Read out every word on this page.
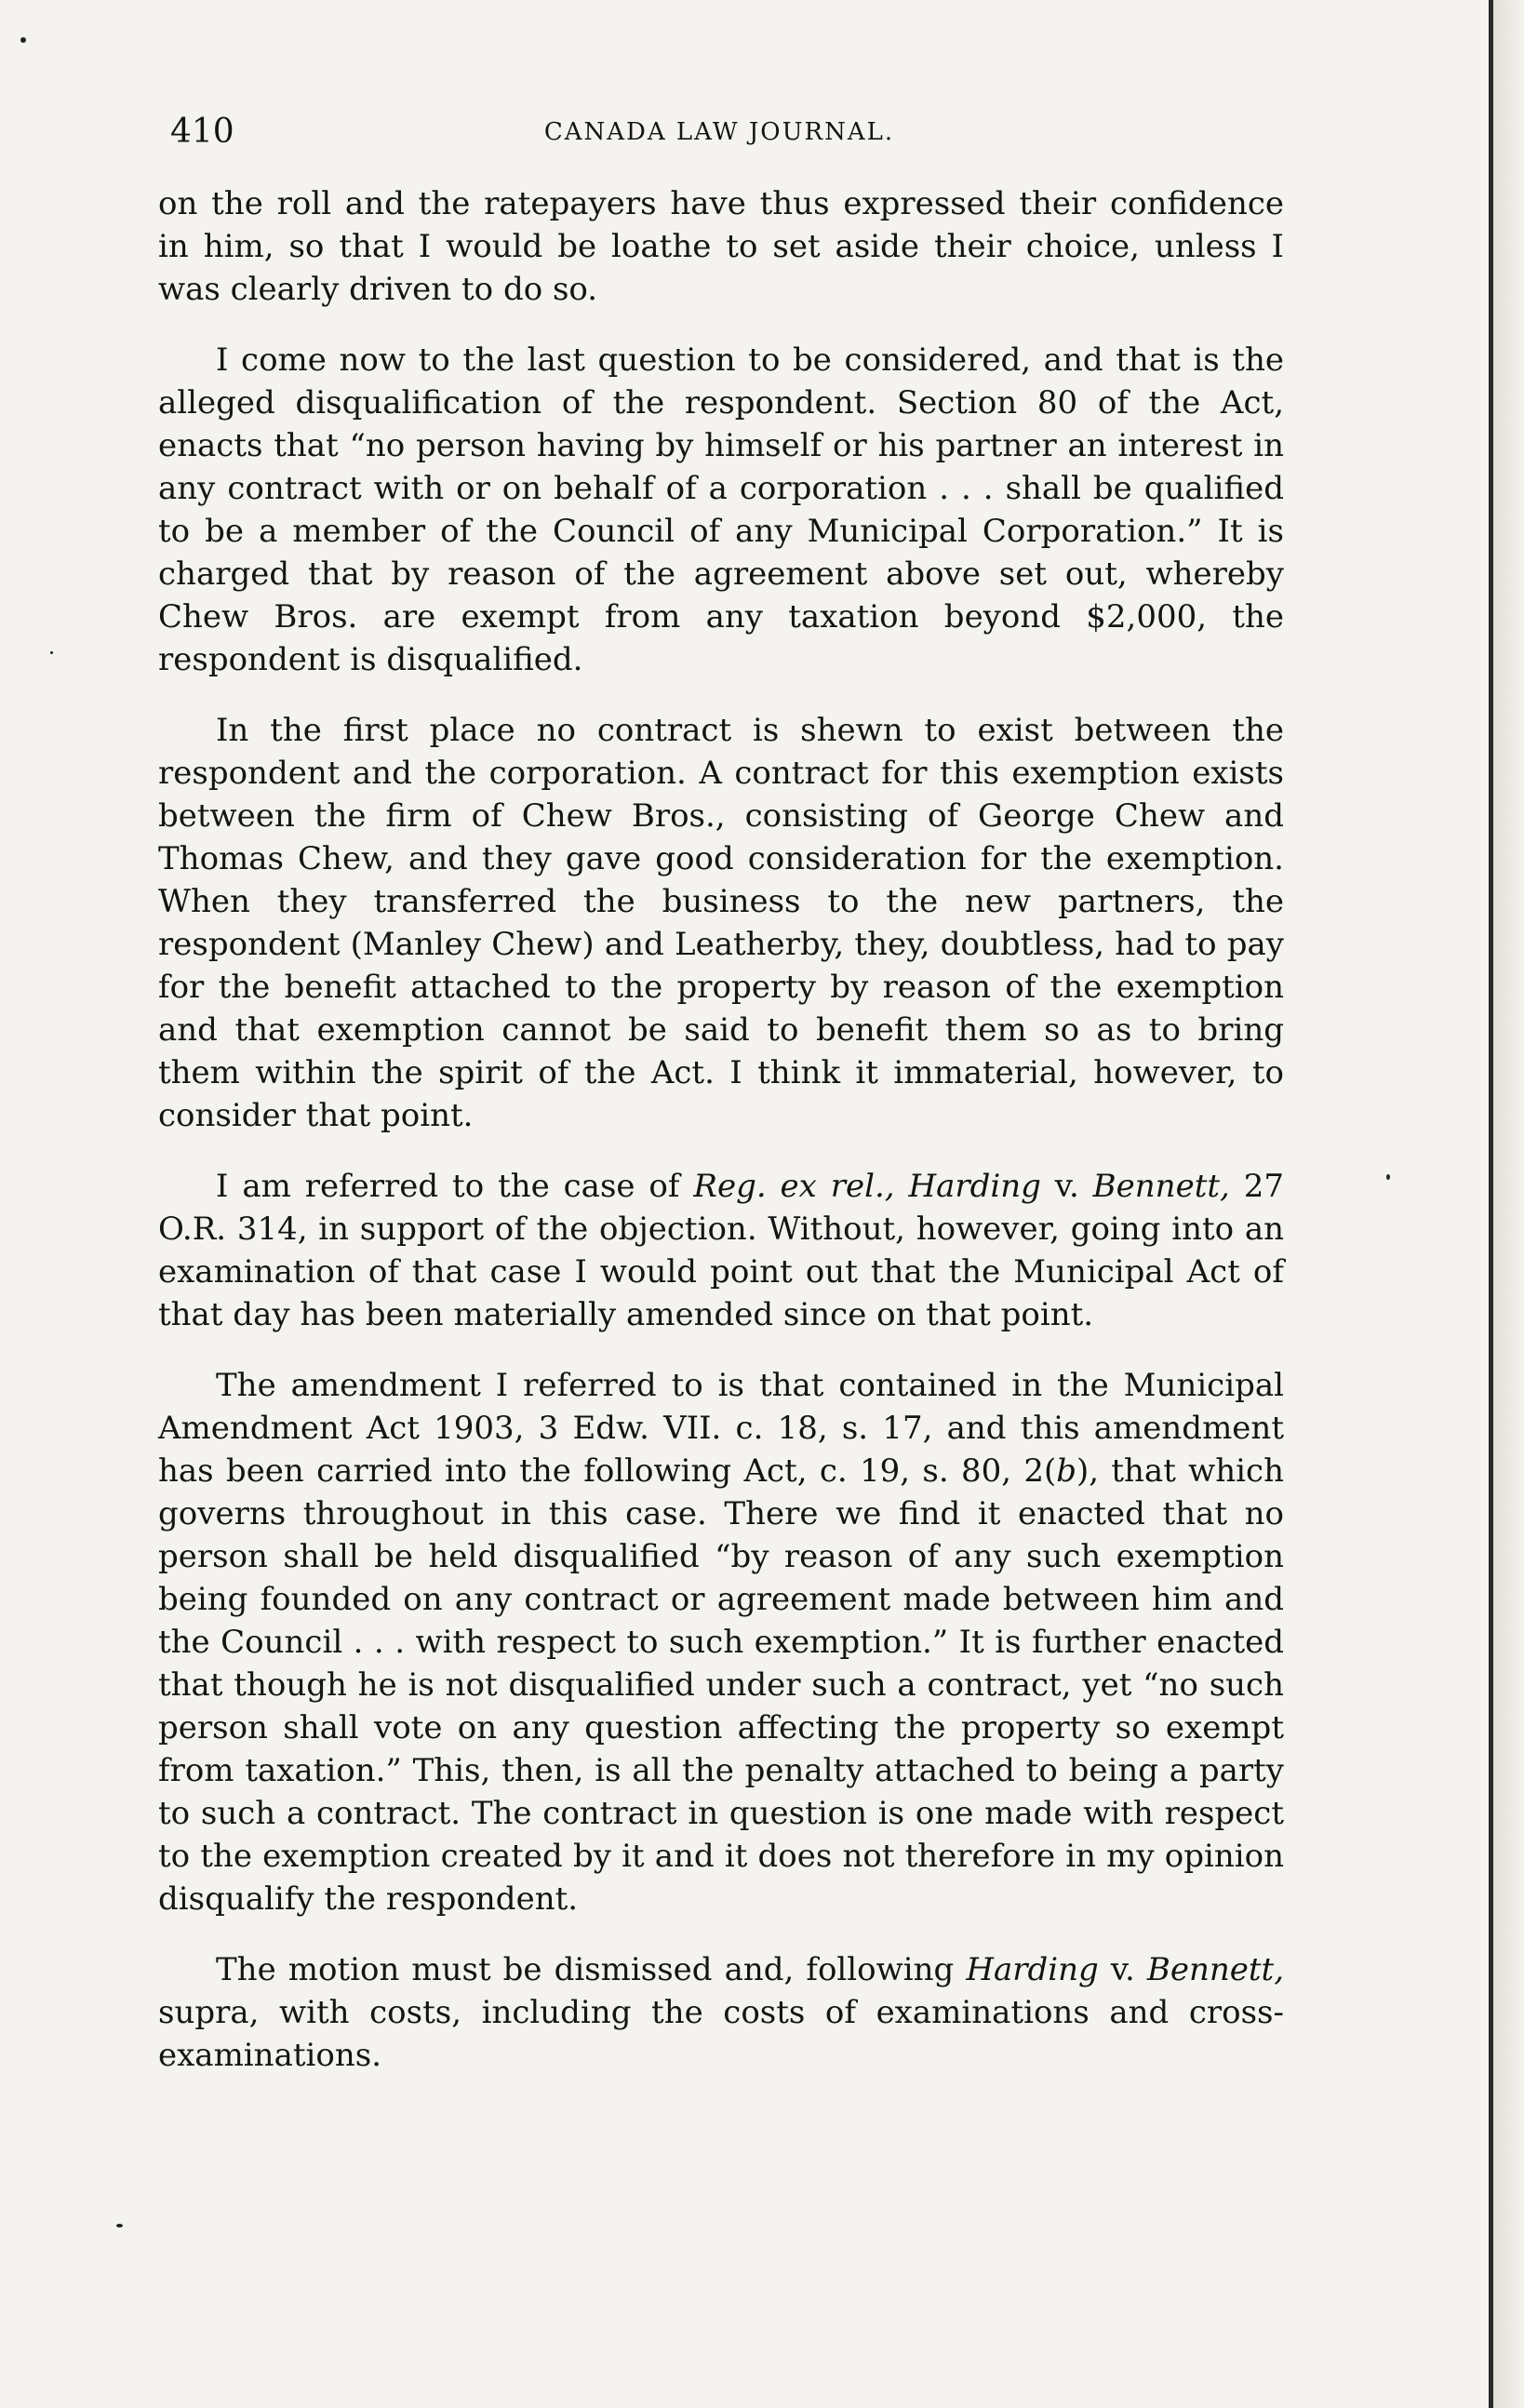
410	CANADA LAW JOURNAL.

on the roll and the ratepayers have thus expressed their confidence in him, so that I would be loathe to set aside their choice, unless I was clearly driven to do so.

I come now to the last question to be considered, and that is the alleged disqualification of the respondent. Section 80 of the Act, enacts that “no person having by himself or his partner an interest in any contract with or on behalf of a corporation . . . shall be qualified to be a member of the Council of any Municipal Corporation.” It is charged that by reason of the agreement above set out, whereby Chew Bros. are exempt from any taxation beyond $2,000, the respondent is disqualified.

In the first place no contract is shewn to exist between the respondent and the corporation. A contract for this exemption exists between the firm of Chew Bros., consisting of George Chew and Thomas Chew, and they gave good consideration for the exemption. When they transferred the business to the new partners, the respondent (Manley Chew) and Leatherby, they, doubtless, had to pay for the benefit attached to the property by reason of the exemption and that exemption cannot be said to benefit them so as to bring them within the spirit of the Act. I think it immaterial, however, to consider that point.

I am referred to the case of Reg. ex rel., Harding v. Bennett, 27 O.R. 314, in support of the objection. Without, however, going into an examination of that case I would point out that the Municipal Act of that day has been materially amended since on that point.

The amendment I referred to is that contained in the Municipal Amendment Act 1903, 3 Edw. VII. c. 18, s. 17, and this amendment has been carried into the following Act, c. 19, s. 80, 2(b), that which governs throughout in this case. There we find it enacted that no person shall be held disqualified “by reason of any such exemption being founded on any contract or agreement made between him and the Council . . . with respect to such exemption.” It is further enacted that though he is not disqualified under such a contract, yet “no such person shall vote on any question affecting the property so exempt from taxation.” This, then, is all the penalty attached to being a party to such a contract. The contract in question is one made with respect to the exemption created by it and it does not therefore in my opinion disqualify the respondent.

The motion must be dismissed and, following Harding v. Bennett, supra, with costs, including the costs of examinations and cross-examinations.
